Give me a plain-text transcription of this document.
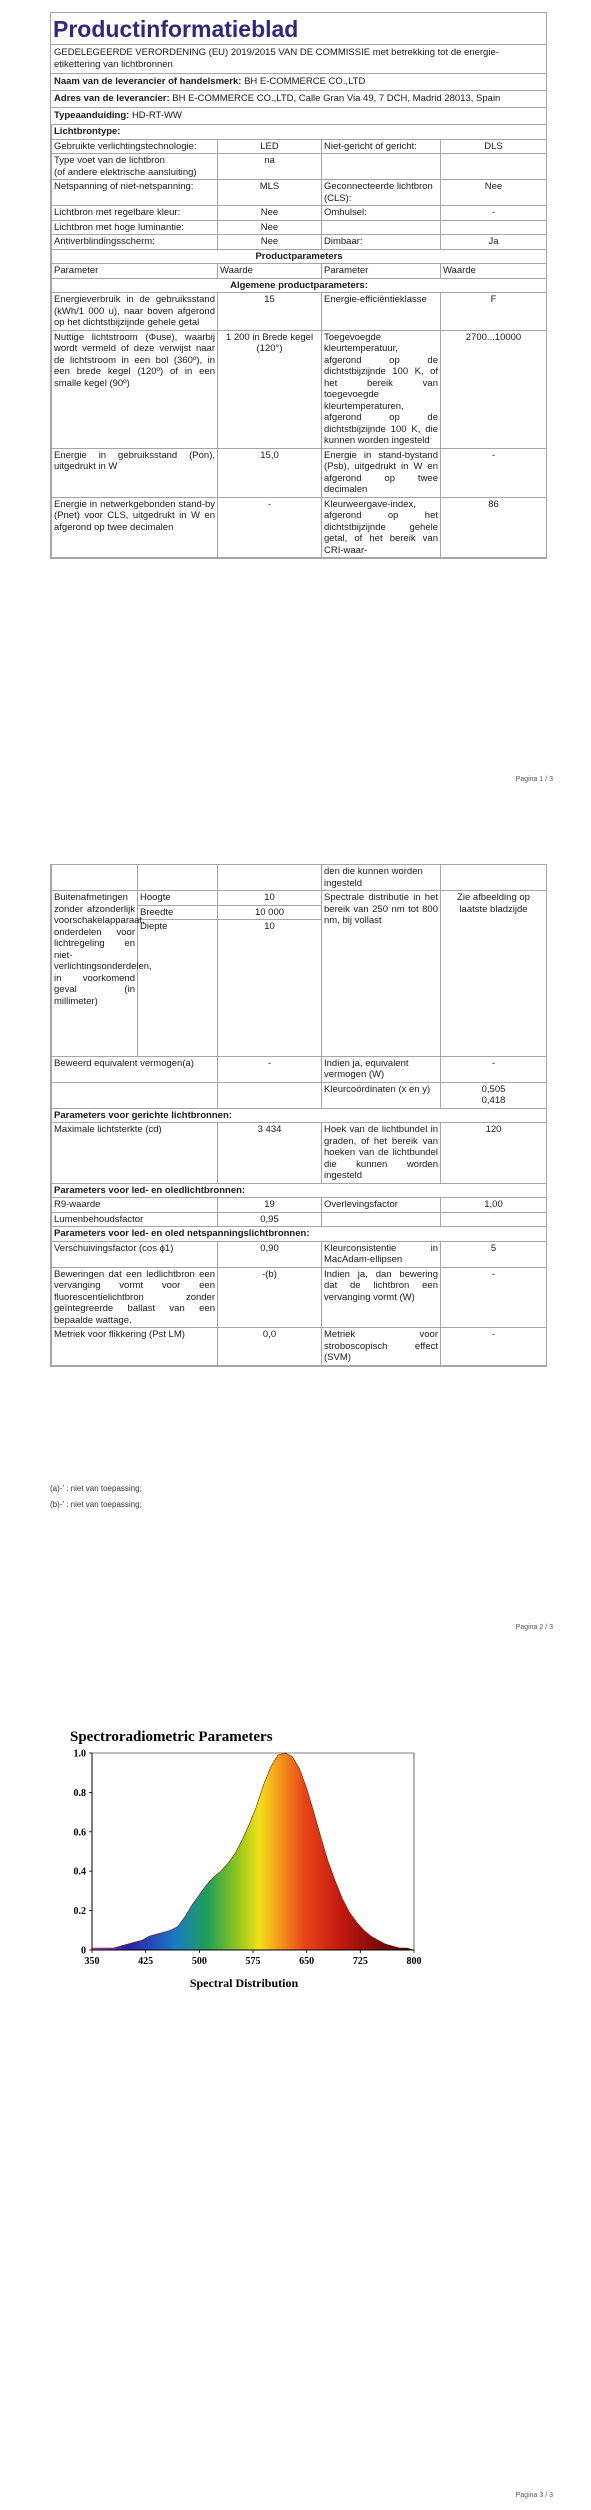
Productinformatieblad
GEDELEGEERDE VERORDENING (EU) 2019/2015 VAN DE COMMISSIE met betrekking tot de energie-etikettering van lichtbronnen
Naam van de leverancier of handelsmerk: BH E-COMMERCE CO.,LTD
Adres van de leverancier: BH E-COMMERCE CO.,LTD, Calle Gran Via 49, 7 DCH, Madrid 28013, Spain
Typeaanduiding: HD-RT-WW
Lichtbrontype:			
Gebruikte verlichtingstechnologie:	LED	Niet-gericht of gericht:	DLS
Type voet van de lichtbron
(of andere elektrische aansluiting)	na		
Netspanning of niet-netspanning:	MLS	Geconnecteerde lichtbron (CLS):	Nee
Lichtbron met regelbare kleur:	Nee	Omhulsel:	-
Lichtbron met hoge luminantie:	Nee		
Antiverblindingsscherm:	Nee	Dimbaar:	Ja
Productparameters			
Parameter	Waarde	Parameter	Waarde
Algemene productparameters:			
Energieverbruik in de gebruiksstand (kWh/1 000 u), naar boven afgerond op het dichtstbijzijnde gehele getal	15	Energie-efficiëntieklasse	F
Nuttige lichtstroom (Φuse), waarbij wordt vermeld of deze verwijst naar de lichtstroom in een bol (360º), in een brede kegel (120º) of in een smalle kegel (90º)	1 200 in Brede kegel (120°)	Toegevoegde kleurtemperatuur, afgerond op de dichtstbijzijnde 100 K, of het bereik van toegevoegde kleurtemperaturen, afgerond op de dichtstbijzijnde 100 K, die kunnen worden ingesteld	2700...10000
Energie in gebruiksstand (Pon), uitgedrukt in W	15,0	Energie in stand-bystand (Psb), uitgedrukt in W en afgerond op twee decimalen	-
Energie in netwerkgebonden stand-by (Pnet) voor CLS, uitgedrukt in W en afgerond op twee decimalen	-	Kleurweergave-index, afgerond op het dichtstbijzijnde gehele getal, of het bereik van CRI-waar-	86
Pagina 1 / 3
			den die kunnen worden ingesteld	
Buitenafmetingen zonder afzonderlijk voorschakelapparaat, onderdelen voor lichtregeling en niet-verlichtingsonderdelen, in voorkomend geval (in millimeter)	Hoogte	10	Spectrale distributie in het bereik van 250 nm tot 800 nm, bij vollast	Zie afbeelding op laatste bladzijde
	Breedte	10 000		
	Diepte	10		

Beweerd equivalent vermogen(a)		-	Indien ja, equivalent vermogen (W)	-
			Kleurcoördinaten (x en y)	0,505
0,418
Parameters voor gerichte lichtbronnen:				
Maximale lichtsterkte (cd)		3 434	Hoek van de lichtbundel in graden, of het bereik van hoeken van de lichtbundel die kunnen worden ingesteld	120
Parameters voor led- en oledlichtbronnen:				
R9-waarde		19	Overlevingsfactor	1,00
Lumenbehoudsfactor		0,95		
Parameters voor led- en oled netspanningslichtbronnen:				
Verschuivingsfactor (cos ϕ1)		0,90	Kleurconsistentie in MacAdam-ellipsen	5
Beweringen dat een ledlichtbron een vervanging vormt voor een fluorescentielichtbron zonder geïntegreerde ballast van een bepaalde wattage.		-(b)	Indien ja, dan bewering dat de lichtbron een vervanging vormt (W)	-
Metriek voor flikkering (Pst LM)		0,0	Metriek voor stroboscopisch effect (SVM)	-
(a)-' : niet van toepassing;
(b)-' : niet van toepassing;
Pagina 2 / 3
Spectroradiometric Parameters
0
0.2
0.4
0.6
0.8
1.0
350	425	500	575	650	725	800
Spectral Distribution
Pagina 3 / 3
